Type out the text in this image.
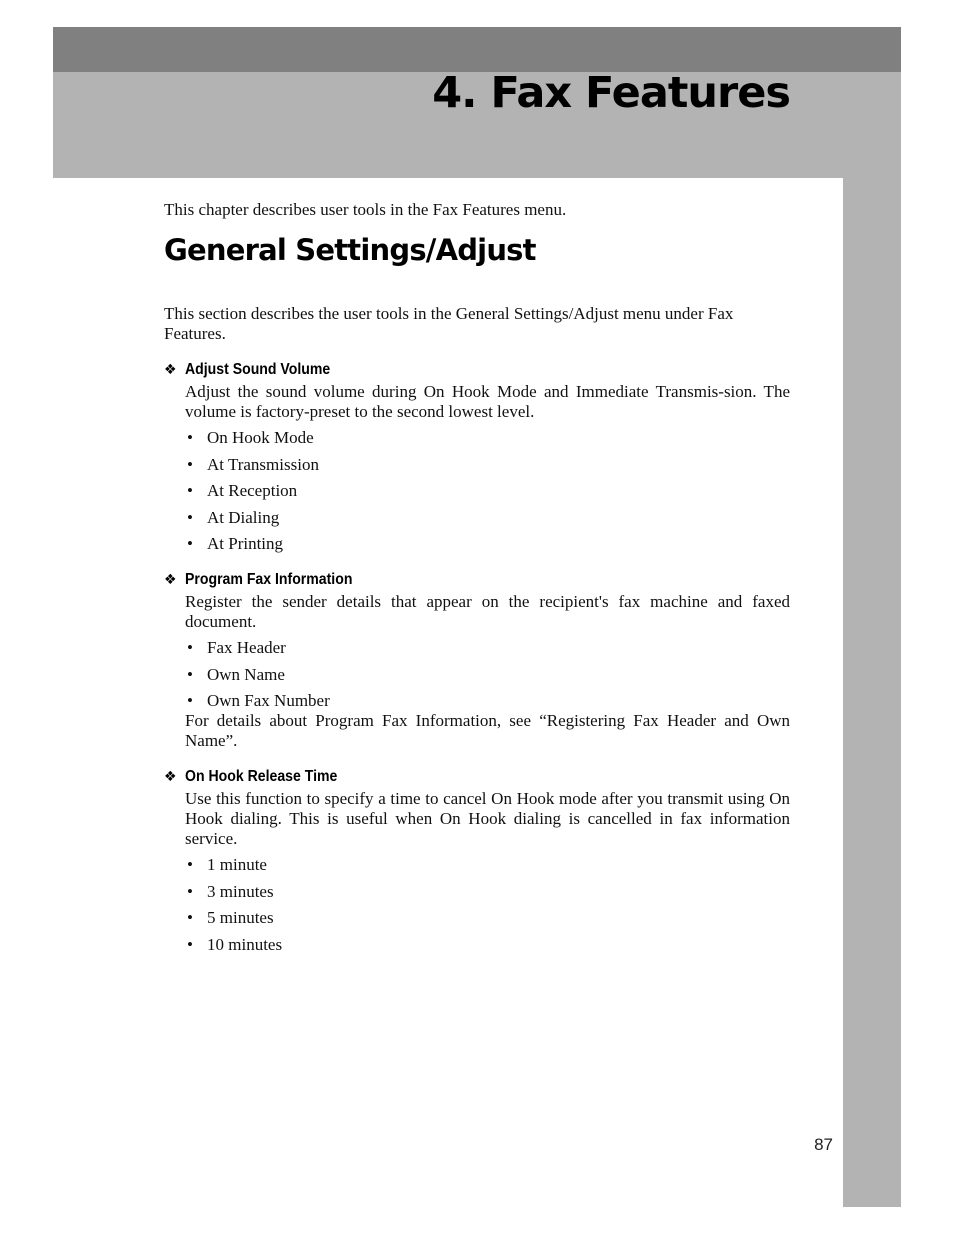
4. Fax Features

This chapter describes user tools in the Fax Features menu.

General Settings/Adjust

This section describes the user tools in the General Settings/Adjust menu under Fax Features.

❖ Adjust Sound Volume
Adjust the sound volume during On Hook Mode and Immediate Transmis-sion. The volume is factory-preset to the second lowest level.
• On Hook Mode
• At Transmission
• At Reception
• At Dialing
• At Printing
❖ Program Fax Information
Register the sender details that appear on the recipient's fax machine and faxed document.
• Fax Header
• Own Name
• Own Fax Number
For details about Program Fax Information, see “Registering Fax Header and Own Name”.
❖ On Hook Release Time
Use this function to specify a time to cancel On Hook mode after you transmit using On Hook dialing. This is useful when On Hook dialing is cancelled in fax information service.
• 1 minute
• 3 minutes
• 5 minutes
• 10 minutes
87
